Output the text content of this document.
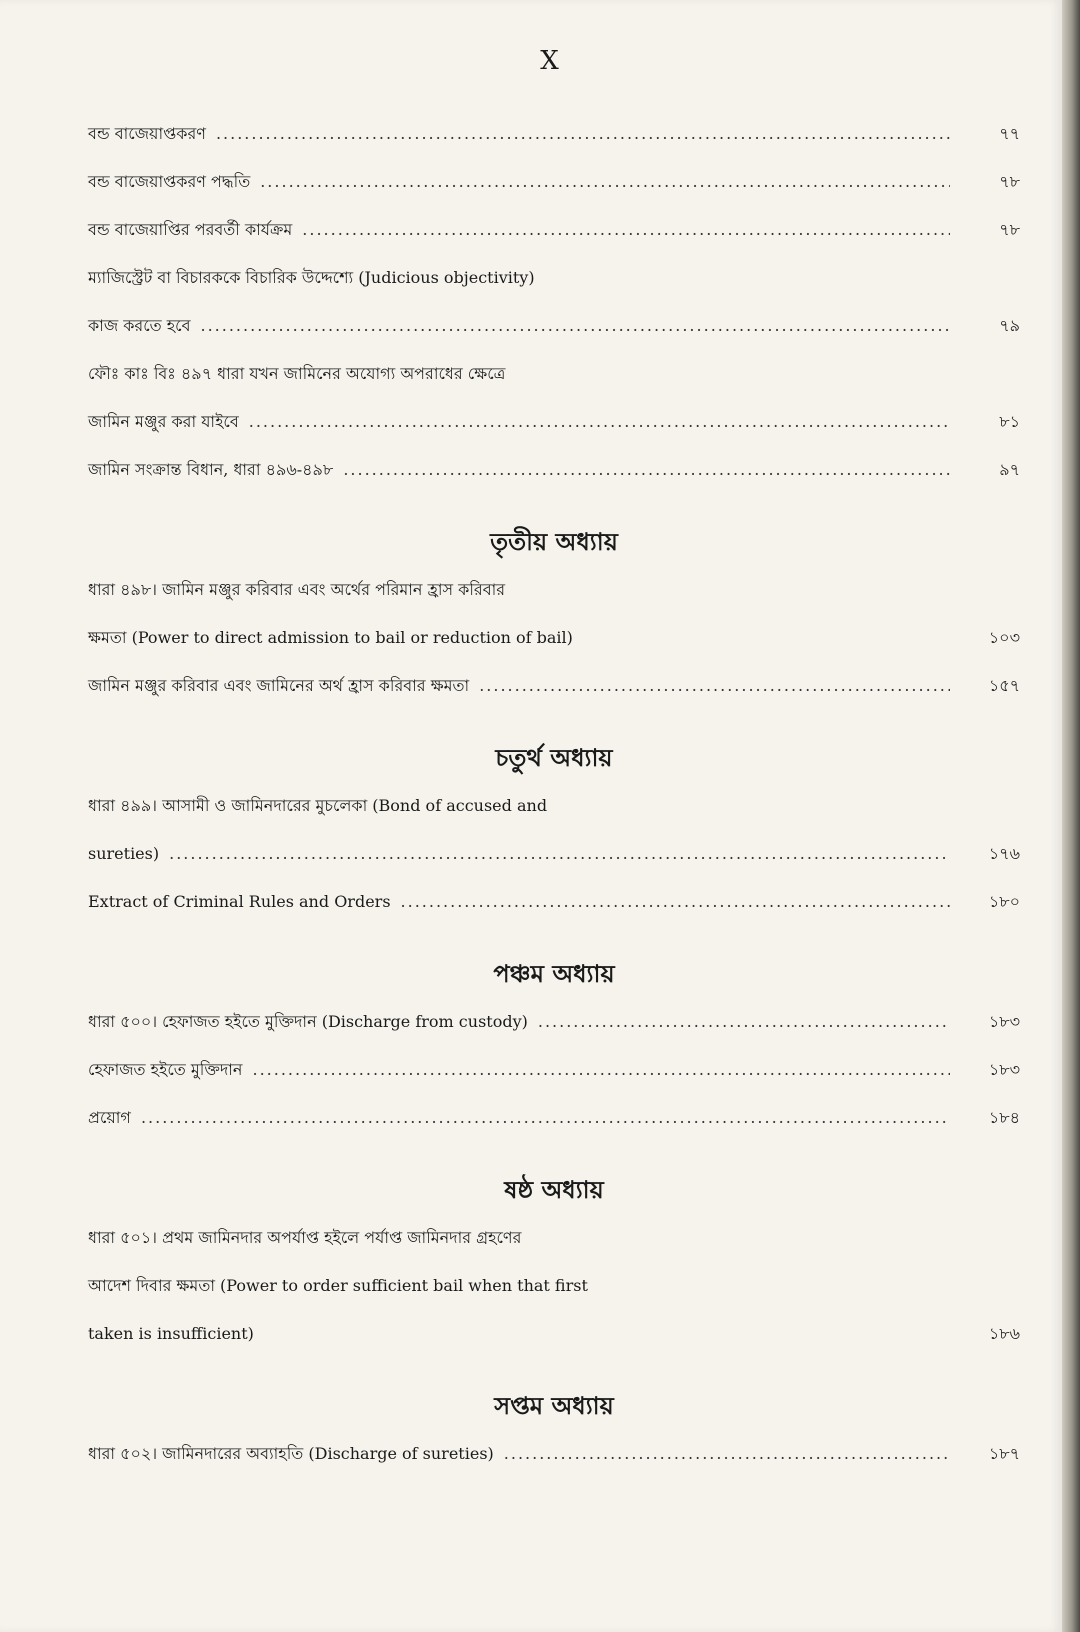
X
বন্ড বাজেয়াপ্তকরণ .....	৭৭
বন্ড বাজেয়াপ্তকরণ পদ্ধতি .....	৭৮
বন্ড বাজেয়াপ্তির পরবর্তী কার্যক্রম .....	৭৮
ম্যাজিস্ট্রেট বা বিচারককে বিচারিক উদ্দেশ্যে (Judicious objectivity)
কাজ করতে হবে .....	৭৯
ফৌঃ কাঃ বিঃ ৪৯৭ ধারা যখন জামিনের অযোগ্য অপরাধের ক্ষেত্রে
জামিন মঞ্জুর করা যাইবে .....	৮১
জামিন সংক্রান্ত বিধান, ধারা ৪৯৬-৪৯৮ .....	৯৭
তৃতীয় অধ্যায়
ধারা ৪৯৮। জামিন মঞ্জুর করিবার এবং অর্থের পরিমান হ্রাস করিবার
ক্ষমতা (Power to direct admission to bail or reduction of bail)	১০৩
জামিন মঞ্জুর করিবার এবং জামিনের অর্থ হ্রাস করিবার ক্ষমতা .....	১৫৭
চতুর্থ অধ্যায়
ধারা ৪৯৯। আসামী ও জামিনদারের মুচলেকা (Bond of accused and
sureties) .....	১৭৬
Extract of Criminal Rules and Orders .....	১৮০
পঞ্চম অধ্যায়
ধারা ৫০০। হেফাজত হইতে মুক্তিদান (Discharge from custody) .....	১৮৩
হেফাজত হইতে মুক্তিদান .....	১৮৩
প্রয়োগ .....	১৮৪
ষষ্ঠ অধ্যায়
ধারা ৫০১। প্রথম জামিনদার অপর্যাপ্ত হইলে পর্যাপ্ত জামিনদার গ্রহণের
আদেশ দিবার ক্ষমতা (Power to order sufficient bail when that first
taken is insufficient)	১৮৬
সপ্তম অধ্যায়
ধারা ৫০২। জামিনদারের অব্যাহতি (Discharge of sureties) .....	১৮৭
